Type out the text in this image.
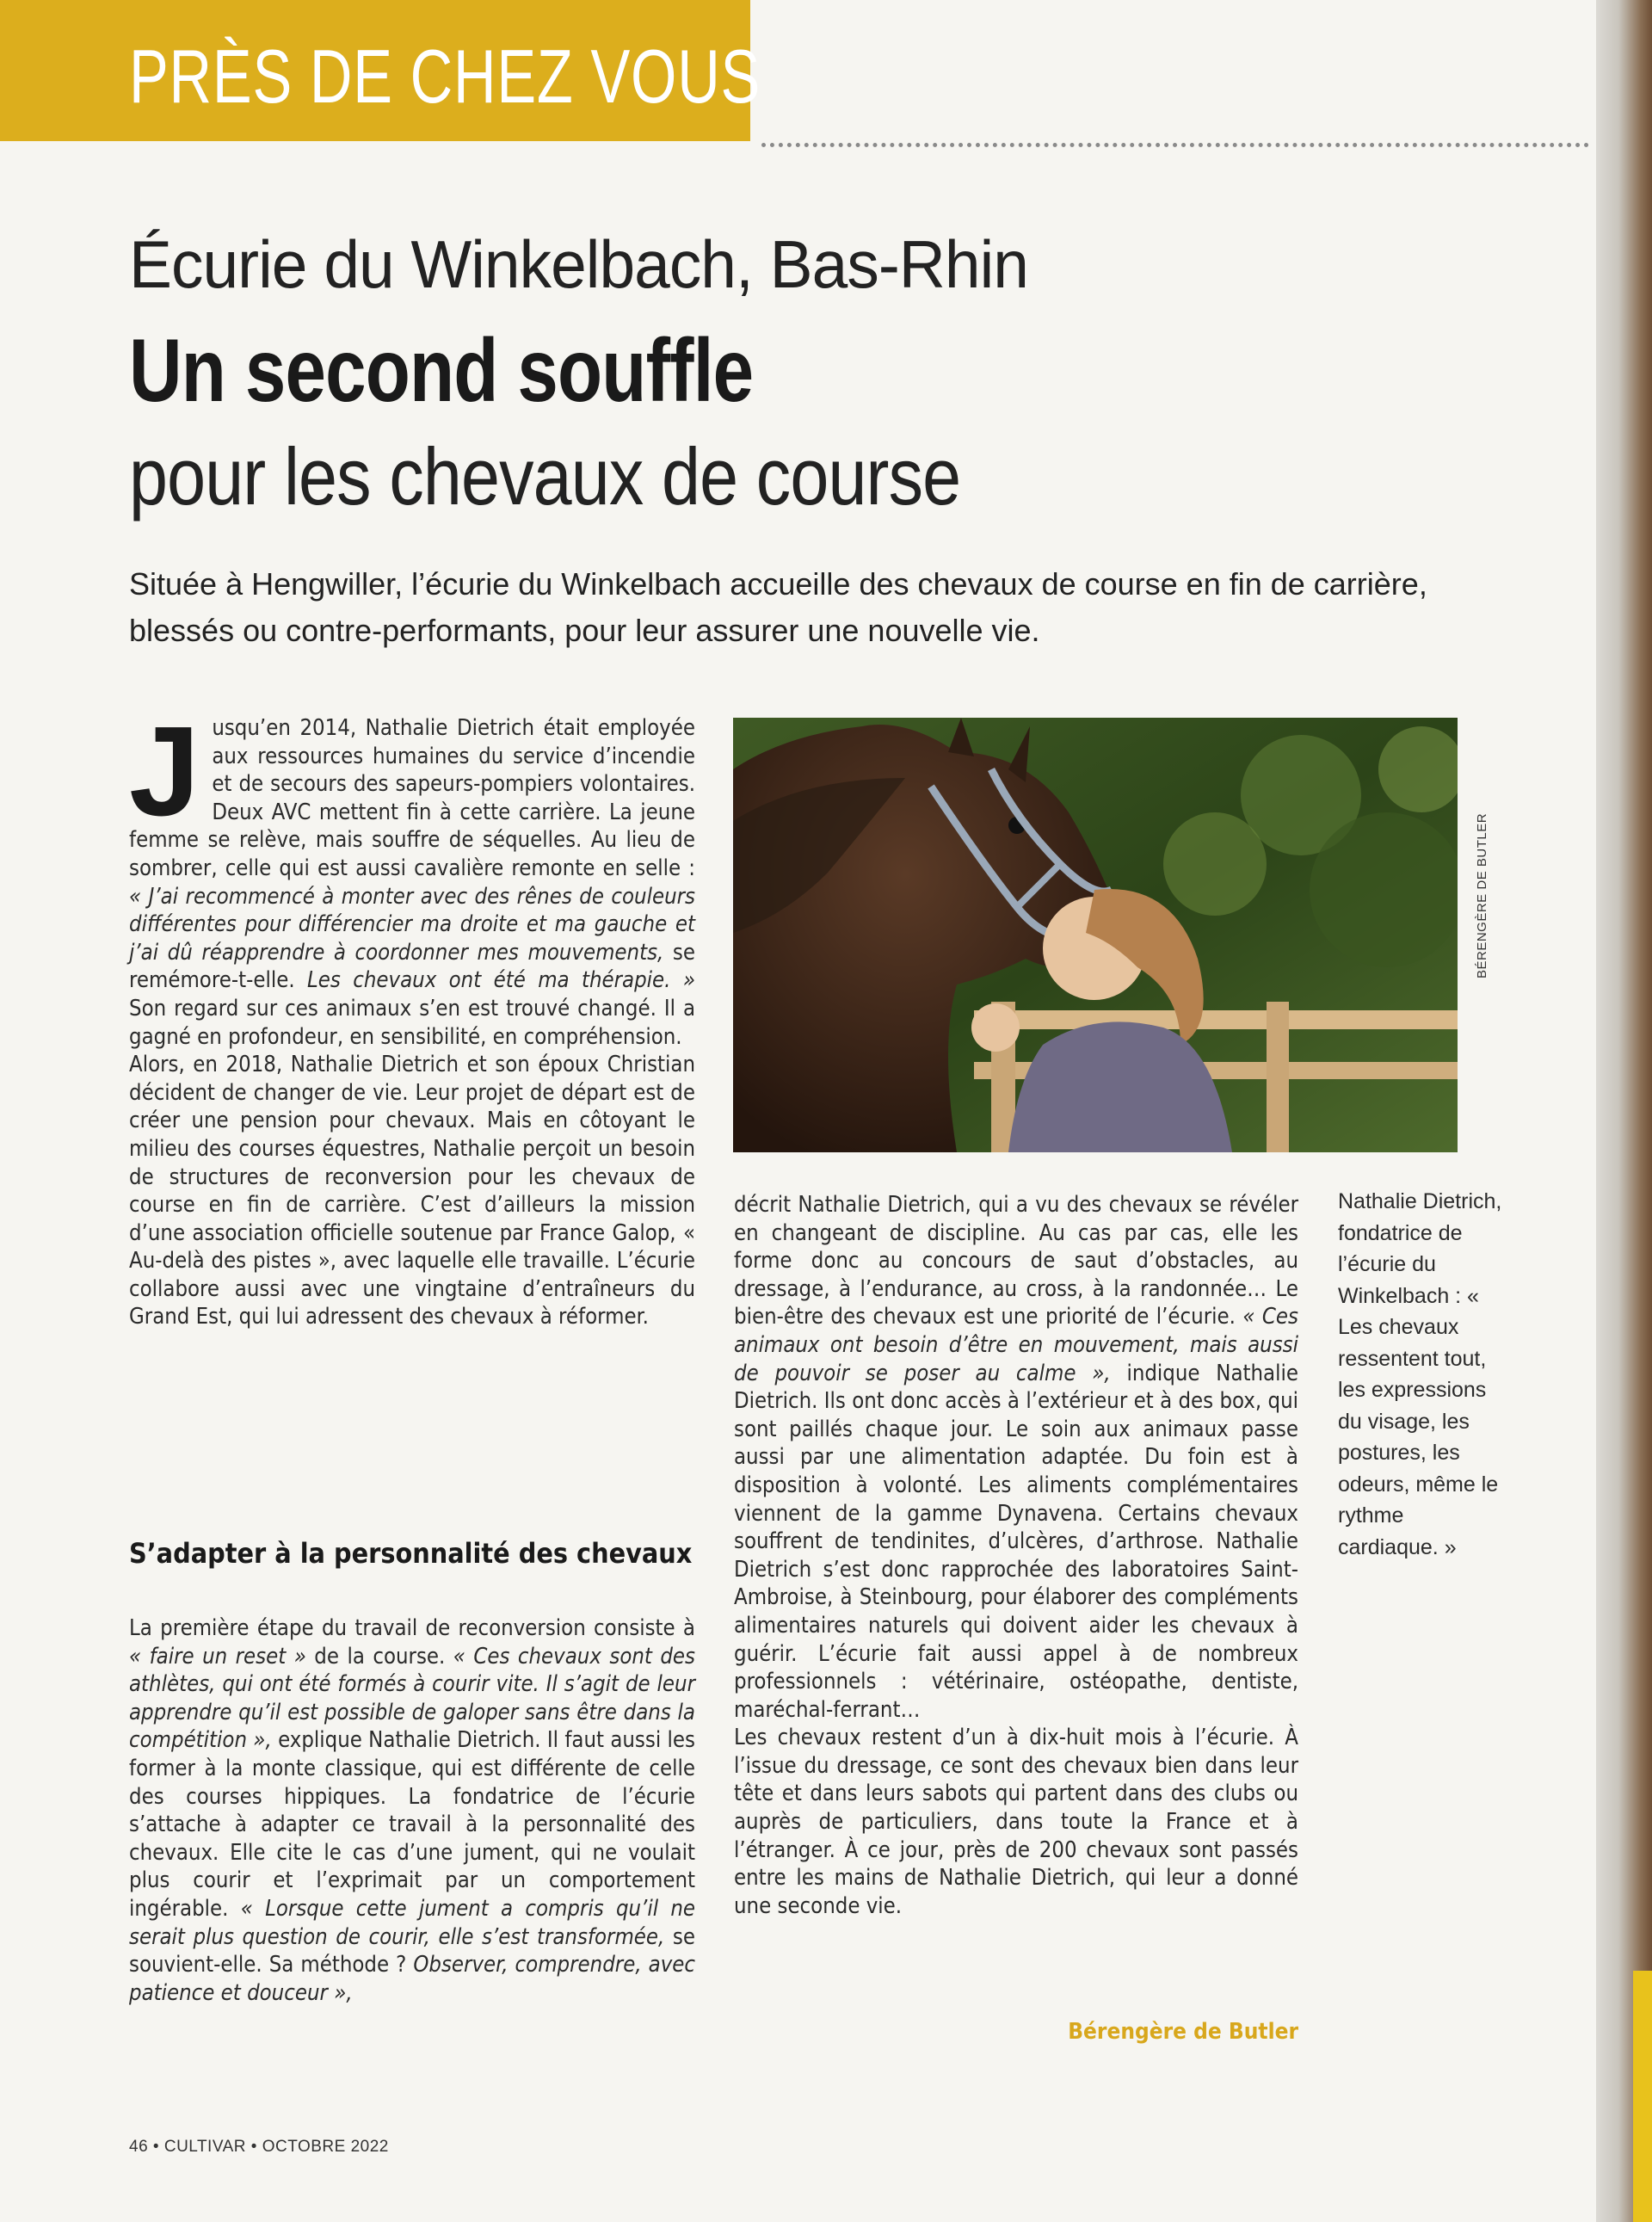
PRÈS DE CHEZ VOUS
Écurie du Winkelbach, Bas-Rhin
Un second souffle
pour les chevaux de course
Située à Hengwiller, l’écurie du Winkelbach accueille des chevaux de course en fin de carrière, blessés ou contre-performants, pour leur assurer une nouvelle vie.

Jusqu’en 2014, Nathalie Dietrich était employée aux ressources humaines du service d’incendie et de secours des sapeurs-pompiers volontaires. Deux AVC mettent fin à cette carrière. La jeune femme se relève, mais souffre de séquelles. Au lieu de sombrer, celle qui est aussi cavalière remonte en selle : « J’ai recommencé à monter avec des rênes de couleurs différentes pour différencier ma droite et ma gauche et j’ai dû réapprendre à coordonner mes mouvements, se remémore-t-elle. Les chevaux ont été ma thérapie. » Son regard sur ces animaux s’en est trouvé changé. Il a gagné en profondeur, en sensibilité, en compréhension.

Alors, en 2018, Nathalie Dietrich et son époux Christian décident de changer de vie. Leur projet de départ est de créer une pension pour chevaux. Mais en côtoyant le milieu des courses équestres, Nathalie perçoit un besoin de structures de reconversion pour les chevaux de course en fin de carrière. C’est d’ailleurs la mission d’une association officielle soutenue par France Galop, « Au-delà des pistes », avec laquelle elle travaille. L’écurie collabore aussi avec une vingtaine d’entraîneurs du Grand Est, qui lui adressent des chevaux à réformer.

S’adapter à la personnalité des chevaux

La première étape du travail de reconversion consiste à « faire un reset » de la course. « Ces chevaux sont des athlètes, qui ont été formés à courir vite. Il s’agit de leur apprendre qu’il est possible de galoper sans être dans la compétition », explique Nathalie Dietrich. Il faut aussi les former à la monte classique, qui est différente de celle des courses hippiques. La fondatrice de l’écurie s’attache à adapter ce travail à la personnalité des chevaux. Elle cite le cas d’une jument, qui ne voulait plus courir et l’exprimait par un comportement ingérable. « Lorsque cette jument a compris qu’il ne serait plus question de courir, elle s’est transformée, se souvient-elle. Sa méthode ? Observer, comprendre, avec patience et douceur »,

décrit Nathalie Dietrich, qui a vu des chevaux se révéler en changeant de discipline. Au cas par cas, elle les forme donc au concours de saut d’obstacles, au dressage, à l’endurance, au cross, à la randonnée… Le bien-être des chevaux est une priorité de l’écurie. « Ces animaux ont besoin d’être en mouvement, mais aussi de pouvoir se poser au calme », indique Nathalie Dietrich. Ils ont donc accès à l’extérieur et à des box, qui sont paillés chaque jour. Le soin aux animaux passe aussi par une alimentation adaptée. Du foin est à disposition à volonté. Les aliments complémentaires viennent de la gamme Dynavena. Certains chevaux souffrent de tendinites, d’ulcères, d’arthrose. Nathalie Dietrich s’est donc rapprochée des laboratoires Saint-Ambroise, à Steinbourg, pour élaborer des compléments alimentaires naturels qui doivent aider les chevaux à guérir. L’écurie fait aussi appel à de nombreux professionnels : vétérinaire, ostéopathe, dentiste, maréchal-ferrant…

Les chevaux restent d’un à dix-huit mois à l’écurie. À l’issue du dressage, ce sont des chevaux bien dans leur tête et dans leurs sabots qui partent dans des clubs ou auprès de particuliers, dans toute la France et à l’étranger. À ce jour, près de 200 chevaux sont passés entre les mains de Nathalie Dietrich, qui leur a donné une seconde vie.

Bérengère de Butler
BÉRENGÈRE DE BUTLER
Nathalie Dietrich, fondatrice de l’écurie du Winkelbach : « Les chevaux ressentent tout, les expressions du visage, les postures, les odeurs, même le rythme cardiaque. »
46 • CULTIVAR • OCTOBRE 2022
